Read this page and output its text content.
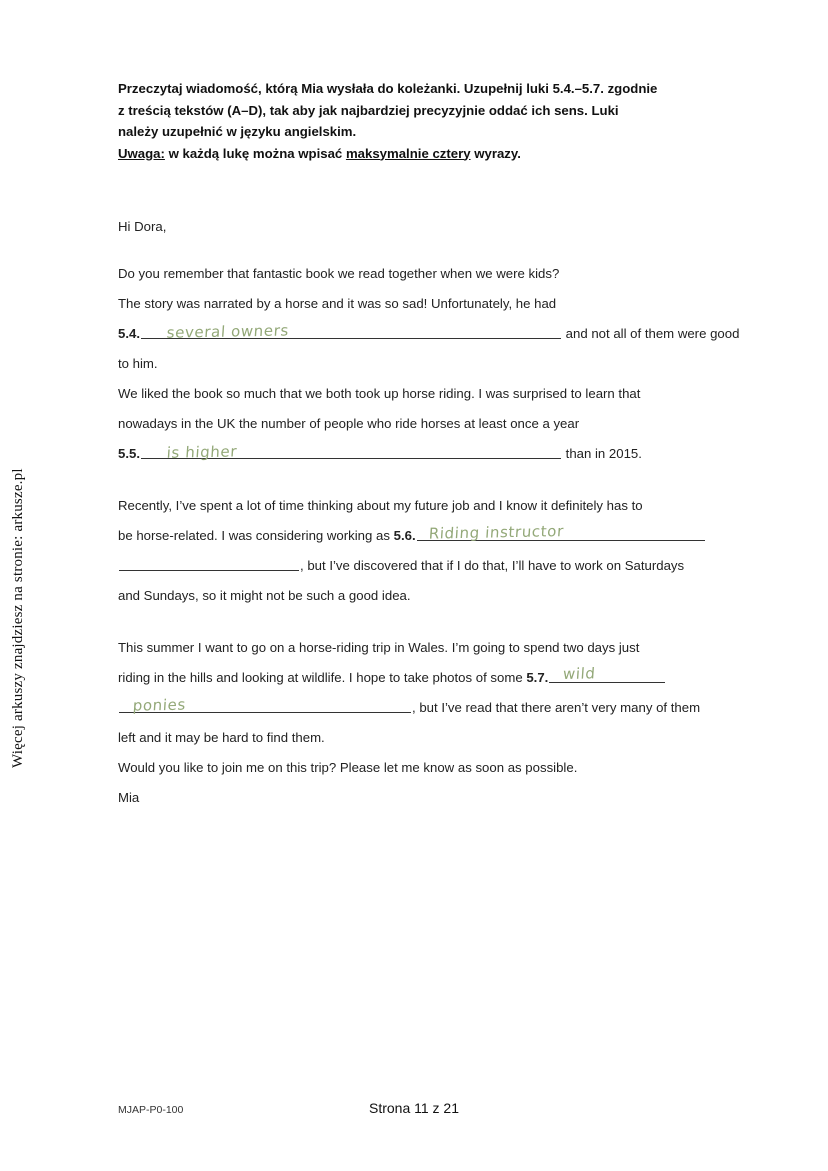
Więcej arkuszy znajdziesz na stronie: arkusze.pl
Przeczytaj wiadomość, którą Mia wysłała do koleżanki. Uzupełnij luki 5.4.–5.7. zgodnie
z treścią tekstów (A–D), tak aby jak najbardziej precyzyjnie oddać ich sens. Luki
należy uzupełnić w języku angielskim.
Uwaga: w każdą lukę można wpisać maksymalnie cztery wyrazy.
Hi Dora,
Do you remember that fantastic book we read together when we were kids?
The story was narrated by a horse and it was so sad! Unfortunately, he had
5.4.	several owners	and not all of them were good
to him.
We liked the book so much that we both took up horse riding. I was surprised to learn that
nowadays in the UK the number of people who ride horses at least once a year
5.5.	is higher	than in 2015.
Recently, I’ve spent a lot of time thinking about my future job and I know it definitely has to
be horse-related. I was considering working as 5.6. Riding instructor
, but I’ve discovered that if I do that, I’ll have to work on Saturdays
and Sundays, so it might not be such a good idea.
This summer I want to go on a horse-riding trip in Wales. I’m going to spend two days just
riding in the hills and looking at wildlife. I hope to take photos of some 5.7. wild
ponies	, but I’ve read that there aren’t very many of them
left and it may be hard to find them.
Would you like to join me on this trip? Please let me know as soon as possible.
Mia
MJAP-P0-100	Strona 11 z 21
